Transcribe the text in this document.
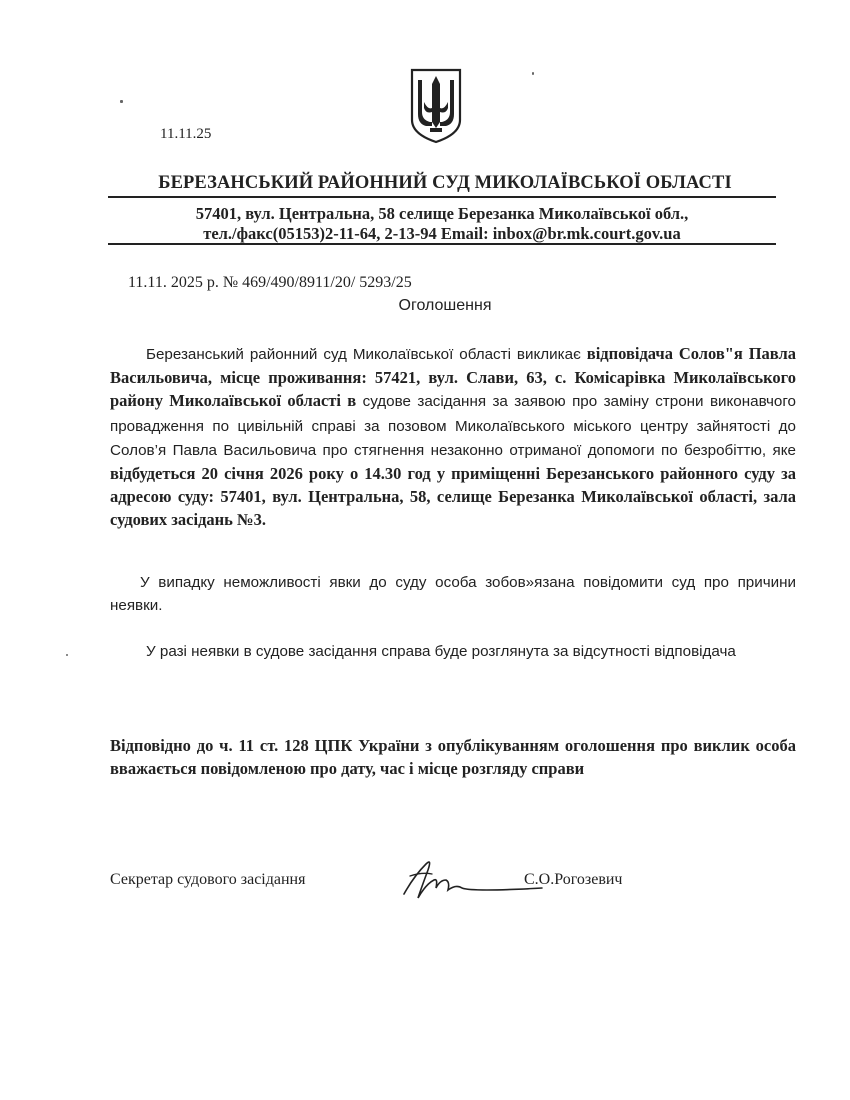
11.11.25
БЕРЕЗАНСЬКИЙ РАЙОННИЙ СУД МИКОЛАЇВСЬКОЇ ОБЛАСТІ
57401, вул. Центральна, 58 селище Березанка Миколаївської обл.,
тел./факс(05153)2-11-64, 2-13-94 Email: inbox@br.mk.court.gov.ua
11.11. 2025 р. № 469/490/8911/20/ 5293/25
Оголошення
Березанський районний суд Миколаївської області викликає відповідача Солов"я Павла Васильовича, місце проживання: 57421, вул. Слави, 63, с. Комісарівка Миколаївського району Миколаївської області в судове засідання за заявою про заміну строни виконавчого провадження по цивільній справі за позовом Миколаївського міського центру зайнятості до Солов’я Павла Васильовича про стягнення незаконно отриманої допомоги по безробіттю, яке відбудеться 20 січня 2026 року о 14.30 год у приміщенні Березанського районного суду за адресою суду: 57401, вул. Центральна, 58, селище Березанка Миколаївської області, зала судових засідань №3.
У випадку неможливості явки до суду особа зобов»язана повідомити суд про причини неявки.
У разі неявки в судове засідання справа буде розглянута за відсутності відповідача
Відповідно до ч. 11 ст. 128 ЦПК України з опублікуванням оголошення про виклик особа вважається повідомленою про дату, час і місце розгляду справи
Секретар судового засідання	С.О.Рогозевич
